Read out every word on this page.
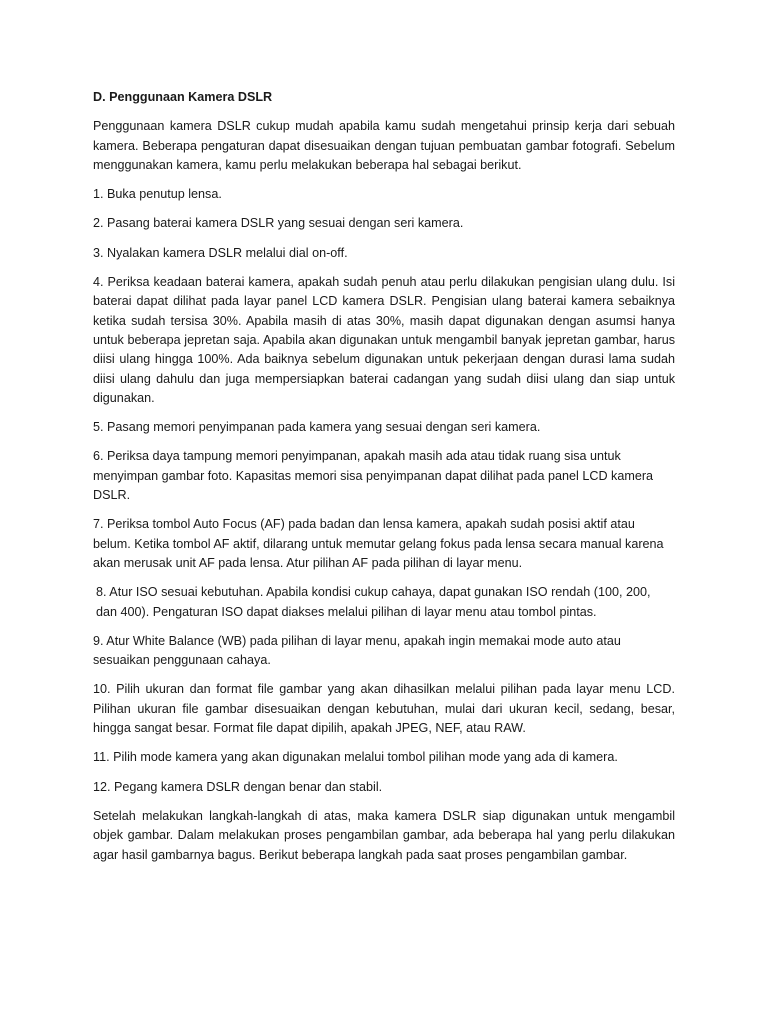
D. Penggunaan Kamera DSLR

Penggunaan kamera DSLR cukup mudah apabila kamu sudah mengetahui prinsip kerja dari sebuah kamera. Beberapa pengaturan dapat disesuaikan dengan tujuan pembuatan gambar fotografi. Sebelum menggunakan kamera, kamu perlu melakukan beberapa hal sebagai berikut.

1. Buka penutup lensa.

2. Pasang baterai kamera DSLR yang sesuai dengan seri kamera.

3. Nyalakan kamera DSLR melalui dial on-off.

4. Periksa keadaan baterai kamera, apakah sudah penuh atau perlu dilakukan pengisian ulang dulu. Isi baterai dapat dilihat pada layar panel LCD kamera DSLR. Pengisian ulang baterai kamera sebaiknya ketika sudah tersisa 30%. Apabila masih di atas 30%, masih dapat digunakan dengan asumsi hanya untuk beberapa jepretan saja. Apabila akan digunakan untuk mengambil banyak jepretan gambar, harus diisi ulang hingga 100%. Ada baiknya sebelum digunakan untuk pekerjaan dengan durasi lama sudah diisi ulang dahulu dan juga mempersiapkan baterai cadangan yang sudah diisi ulang dan siap untuk digunakan.

5. Pasang memori penyimpanan pada kamera yang sesuai dengan seri kamera.

6. Periksa daya tampung memori penyimpanan, apakah masih ada atau tidak ruang sisa untuk menyimpan gambar foto. Kapasitas memori sisa penyimpanan dapat dilihat pada panel LCD kamera DSLR.

7. Periksa tombol Auto Focus (AF) pada badan dan lensa kamera, apakah sudah posisi aktif atau belum. Ketika tombol AF aktif, dilarang untuk memutar gelang fokus pada lensa secara manual karena akan merusak unit AF pada lensa. Atur pilihan AF pada pilihan di layar menu.

8. Atur ISO sesuai kebutuhan. Apabila kondisi cukup cahaya, dapat gunakan ISO rendah (100, 200, dan 400). Pengaturan ISO dapat diakses melalui pilihan di layar menu atau tombol pintas.

9. Atur White Balance (WB) pada pilihan di layar menu, apakah ingin memakai mode auto atau sesuaikan penggunaan cahaya.

10. Pilih ukuran dan format file gambar yang akan dihasilkan melalui pilihan pada layar menu LCD. Pilihan ukuran file gambar disesuaikan dengan kebutuhan, mulai dari ukuran kecil, sedang, besar, hingga sangat besar. Format file dapat dipilih, apakah JPEG, NEF, atau RAW.

11. Pilih mode kamera yang akan digunakan melalui tombol pilihan mode yang ada di kamera.

12. Pegang kamera DSLR dengan benar dan stabil.

Setelah melakukan langkah-langkah di atas, maka kamera DSLR siap digunakan untuk mengambil objek gambar. Dalam melakukan proses pengambilan gambar, ada beberapa hal yang perlu dilakukan agar hasil gambarnya bagus. Berikut beberapa langkah pada saat proses pengambilan gambar.
